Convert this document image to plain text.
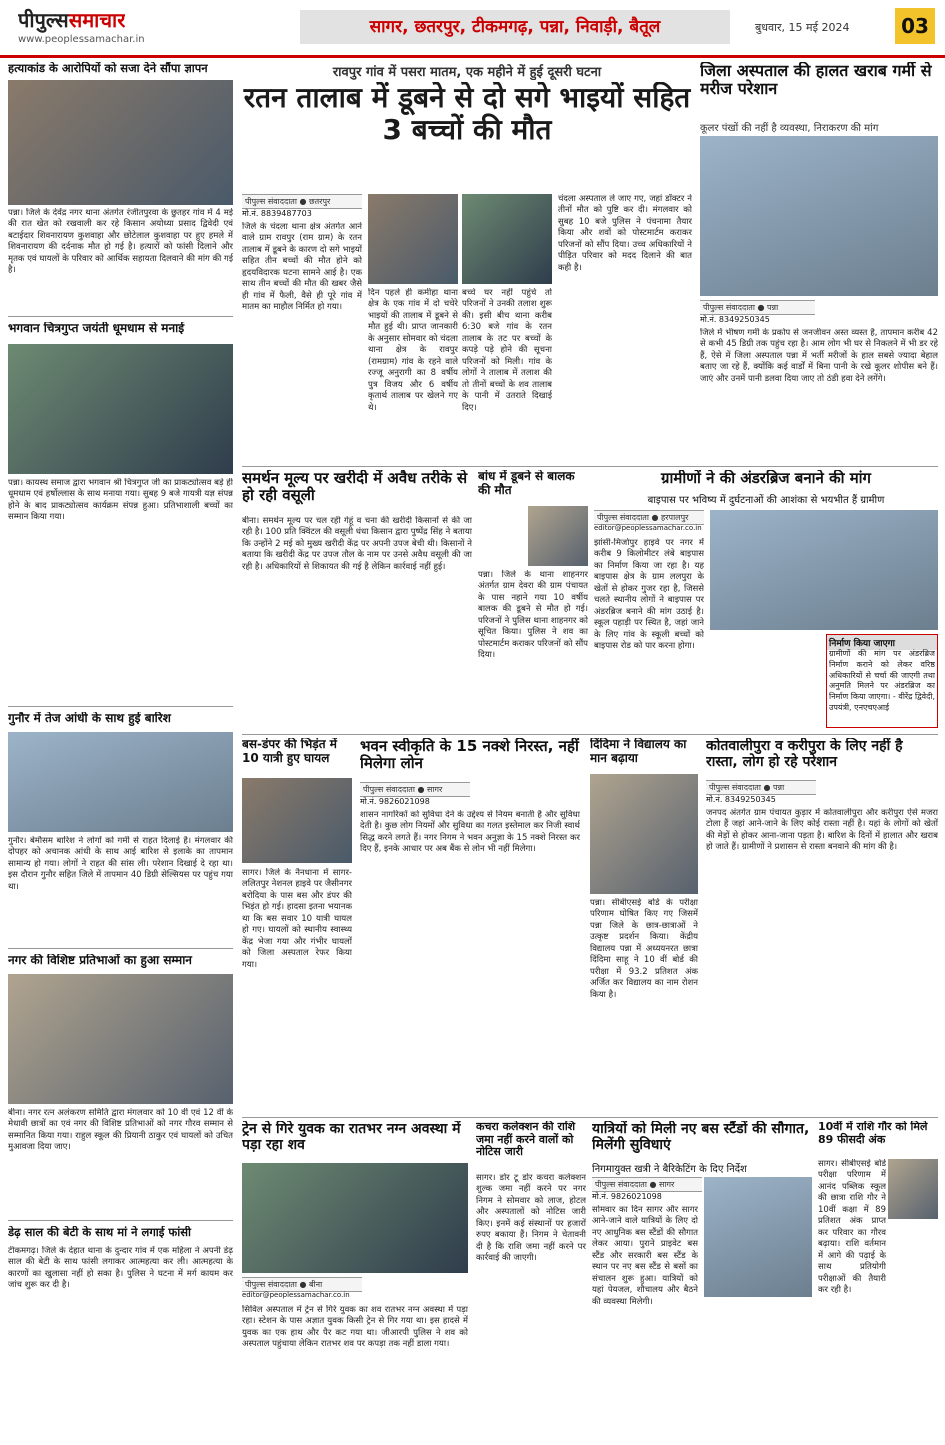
पीपुल्ससमाचार
www.peoplessamachar.in
सागर, छतरपुर, टीकमगढ़, पन्ना, निवाड़ी, बैतूल	बुधवार, 15 मई 2024	03
हत्याकांड के आरोपियों को सजा देने सौंपा ज्ञापन
पन्ना। जिले के देवेंद्र नगर थाना अंतर्गत रंजीतपुरवा के छुतहर गांव में 4 मई की रात खेत को रखवाली कर रहे किसान अयोध्या प्रसाद द्विवेदी एवं बटाईदार शिवनारायण कुशवाहा और छोटेलाल कुशवाहा पर हुए हमले में शिवनारायण की दर्दनाक मौत हो गई है। हत्यारों को फांसी दिलाने और मृतक एवं घायलों के परिवार को आर्थिक सहायता दिलवाने की मांग की गई है।
भगवान चित्रगुप्त जयंती धूमधाम से मनाई
पन्ना। कायस्थ समाज द्वारा भगवान श्री चित्रगुप्त जी का प्राकट्योत्सव बड़े ही धूमधाम एवं हर्षोल्लास के साथ मनाया गया। सुबह 9 बजे गायत्री यज्ञ संपन्न होने के बाद प्राकट्योत्सव कार्यक्रम संपन्न हुआ। प्रतिभाशाली बच्चों का सम्मान किया गया।
गुनौर में तेज आंधी के साथ हुई बारिश
गुनौर। बेमौसम बारिश ने लोगों को गर्मी से राहत दिलाई है। मंगलवार की दोपहर को अचानक आंधी के साथ आई बारिश से इलाके का तापमान सामान्य हो गया। लोगों ने राहत की सांस ली। परेशान दिखाई दे रहा था। इस दौरान गुनौर सहित जिले में तापमान 40 डिग्री सेल्सियस पर पहुंच गया था।
नगर की विशिष्ट प्रतिभाओं का हुआ सम्मान
बीना। नगर रत्न अलंकरण समिति द्वारा मंगलवार को 10 वीं एवं 12 वीं के मेधावी छात्रों का एवं नगर की विशिष्ट प्रतिभाओं को नगर गौरव सम्मान से सम्मानित किया गया। राहुल स्कूल की प्रियानी ठाकुर एवं घायलों को उचित मुआवजा दिया जाए।
डेढ़ साल की बेटी के साथ मां ने लगाई फांसी
टीकमगढ़। जिले के देहात थाना के दुन्दार गांव में एक महिला ने अपनी डेढ़ साल की बेटी के साथ फांसी लगाकर आत्महत्या कर ली। आत्महत्या के कारणों का खुलासा नहीं हो सका है। पुलिस ने घटना में मर्ग कायम कर जांच शुरू कर दी है।
रावपुर गांव में पसरा मातम, एक महीने में हुई दूसरी घटना
रतन तालाब में डूबने से दो सगे भाइयों सहित 3 बच्चों की मौत
पीपुल्स संवाददाता ● छतरपुर
मो.नं. 8839487703
जिले के चंदला थाना क्षेत्र अंतर्गत आने वाले ग्राम रावपुर (राम ग्राम) के रतन तालाब में डूबने के कारण दो सगे भाइयों सहित तीन बच्चों की मौत होने को हृदयविदारक घटना सामने आई है। एक साथ तीन बच्चों की मौत की खबर जैसे ही गांव में फैली, वैसे ही पूरे गांव में मातम का माहौल निर्मित हो गया।
दिन पहले ही कमीहा थाना क्षेत्र के एक गांव में दो चचेरे भाइयों की तालाब में डूबने से मौत हुई थी। प्राप्त जानकारी के अनुसार सोमवार को चंदला थाना क्षेत्र के रावपुर (रामग्राम) गांव के रहने वाले रज्जू अनुरागी का 8 वर्षीय पुत्र विजय और 6 वर्षीय कृतार्थ तालाब पर खेलने गए थे।
बच्चे घर नहीं पहुंचे तो परिजनों ने उनकी तलाश शुरू की। इसी बीच थाना करीब 6:30 बजे गांव के रतन तालाब के तट पर बच्चों के कपड़े पड़े होने की सूचना परिजनों को मिली। गांव के लोगों ने तालाब में तलाश की तो तीनों बच्चों के शव तालाब के पानी में उतराते दिखाई दिए।
चंदला अस्पताल ले जाए गए, जहां डॉक्टर ने तीनों मौत को पुष्टि कर दी। मंगलवार को सुबह 10 बजे पुलिस ने पंचनामा तैयार किया और शवों को पोस्टमार्टम कराकर परिजनों को सौंप दिया। उच्च अधिकारियों ने पीड़ित परिवार को मदद दिलाने की बात कही है।
जिला अस्पताल की हालत खराब गर्मी से मरीज परेशान
कूलर पंखों की नहीं है व्यवस्था, निराकरण की मांग
पीपुल्स संवाददाता ● पन्ना
मो.नं. 8349250345
जिले में भीषण गर्मी के प्रकोप से जनजीवन अस्त व्यस्त है, तापमान करीब 42 से कभी 45 डिग्री तक पहुंच रहा है। आम लोग भी घर से निकलने में भी डर रहे हैं, ऐसे में जिला अस्पताल पन्ना में भर्ती मरीजों के हाल सबसे ज्यादा बेहाल बताए जा रहे हैं, क्योंकि कई वार्डों में बिना पानी के रखे कूलर शोपीस बने हैं। जाएं और उनमें पानी डलवा दिया जाए तो ठंडी हवा देने लगेंगे।
समर्थन मूल्य पर खरीदी में अवैध तरीके से हो रही वसूली
बीना। समर्थन मूल्य पर चल रही गेहूं व चना की खरीदी किसानों से की जा रही है। 100 प्रति क्विंटल की वसूली धंधा किसान द्वारा पुष्पेंद्र सिंह ने बताया कि उन्होंने 2 मई को मुख्य खरीदी केंद्र पर अपनी उपज बेची थी। किसानों ने बताया कि खरीदी केंद्र पर उपज तौल के नाम पर उनसे अवैध वसूली की जा रही है। अधिकारियों से शिकायत की गई है लेकिन कार्रवाई नहीं हुई।
बांध में डूबने से बालक की मौत
पन्ना। जिले के थाना शाहनगर अंतर्गत ग्राम देवरा की ग्राम पंचायत के पास नहाने गया 10 वर्षीय बालक की डूबने से मौत हो गई। परिजनों ने पुलिस थाना शाहनगर को सूचित किया। पुलिस ने शव का पोस्टमार्टम कराकर परिजनों को सौंप दिया।
ग्रामीणों ने की अंडरब्रिज बनाने की मांग
बाइपास पर भविष्य में दुर्घटनाओं की आशंका से भयभीत हैं ग्रामीण
पीपुल्स संवाददाता ● हरपालपुर
editor@peoplessamachar.co.in
झांसी-मिर्जापुर हाइवे पर नगर में करीब 9 किलोमीटर लंबे बाइपास का निर्माण किया जा रहा है। यह बाइपास क्षेत्र के ग्राम ललपुरा के खेतों से होकर गुजर रहा है, जिससे चलते स्थानीय लोगों ने बाइपास पर अंडरब्रिज बनाने की मांग उठाई है। स्कूल पहाड़ी पर स्थित है, जहां जाने के लिए गांव के स्कूली बच्चों को बाइपास रोड को पार करना होगा।	निर्माण किया जाएगा
ग्रामीणों की मांग पर अंडरब्रिज निर्माण कराने को लेकर वरिष्ठ अधिकारियों से चर्चा की जाएगी तथा अनुमति मिलने पर अंडरब्रिज का निर्माण किया जाएगा। - वीरेंद्र द्विवेदी, उपयंत्री, एनएचएआई
बस-डंपर की भिड़ंत में 10 यात्री हुए घायल
सागर। जिले के नैनधाना में सागर-ललितपुर नेशनल हाइवे पर जैसीनगर बरोदिया के पास बस और डंपर की भिड़ंत हो गई। हादसा इतना भयानक था कि बस सवार 10 यात्री घायल हो गए। घायलों को स्थानीय स्वास्थ्य केंद्र भेजा गया और गंभीर घायलों को जिला अस्पताल रेफर किया गया।
भवन स्वीकृति के 15 नक्शे निरस्त, नहीं मिलेगा लोन
पीपुल्स संवाददाता ● सागर
मो.नं. 9826021098
शासन नागरिकों को सुविधा देने के उद्देश्य से नियम बनाती है और सुविधा देती है। कुछ लोग नियमों और सुविधा का गलत इस्तेमाल कर निजी स्वार्थ सिद्ध करने लगते हैं। नगर निगम ने भवन अनुज्ञा के 15 नक्शे निरस्त कर दिए हैं, इनके आधार पर अब बैंक से लोन भी नहीं मिलेगा।
दिंदिमा ने विद्यालय का मान बढ़ाया
पन्ना। सीबीएसई बोर्ड के परीक्षा परिणाम घोषित किए गए जिसमें पन्ना जिले के छात्र-छात्राओं ने उत्कृष्ट प्रदर्शन किया। केंद्रीय विद्यालय पन्ना में अध्ययनरत छात्रा दिंदिमा साहू ने 10 वीं बोर्ड की परीक्षा में 93.2 प्रतिशत अंक अर्जित कर विद्यालय का नाम रोशन किया है।
कोतवालीपुरा व करीपुरा के लिए नहीं है रास्ता, लोग हो रहे परेशान
पीपुल्स संवाददाता ● पन्ना
मो.नं. 8349250345
जनपद अंतर्गत ग्राम पंचायत कुड़ार में कोतवालीपुरा और करीपुरा ऐसे मजरा टोला हैं जहां आने-जाने के लिए कोई रास्ता नहीं है। यहां के लोगों को खेतों की मेड़ों से होकर आना-जाना पड़ता है। बारिश के दिनों में हालात और खराब हो जाते हैं। ग्रामीणों ने प्रशासन से रास्ता बनवाने की मांग की है।
ट्रेन से गिरे युवक का रातभर नग्न अवस्था में पड़ा रहा शव
पीपुल्स संवाददाता ● बीना
editor@peoplessamachar.co.in
सिविल अस्पताल में ट्रेन से गिरे युवक का शव रातभर नग्न अवस्था में पड़ा रहा। स्टेशन के पास अज्ञात युवक किसी ट्रेन से गिर गया था। इस हादसे में युवक का एक हाथ और पैर कट गया था। जीआरपी पुलिस ने शव को अस्पताल पहुंचाया लेकिन रातभर शव पर कपड़ा तक नहीं डाला गया।
कचरा कलेक्शन की राशि जमा नहीं करने वालों को नोटिस जारी
सागर। डोर टू डोर कचरा कलेक्शन शुल्क जमा नहीं करने पर नगर निगम ने सोमवार को लाज, होटल और अस्पतालों को नोटिस जारी किए। इनमें कई संस्थानों पर हजारों रुपए बकाया हैं। निगम ने चेतावनी दी है कि राशि जमा नहीं करने पर कार्रवाई की जाएगी।
यात्रियों को मिली नए बस स्टैंडों की सौगात, मिलेंगी सुविधाएं
निगमायुक्त खत्री ने बैरिकेटिंग के दिए निर्देश
पीपुल्स संवाददाता ● सागर
मो.नं. 9826021098
सोमवार का दिन सागर और सागर आने-जाने वाले यात्रियों के लिए दो नए आधुनिक बस स्टैंडों की सौगात लेकर आया। पुराने प्राइवेट बस स्टैंड और सरकारी बस स्टैंड के स्थान पर नए बस स्टैंड से बसों का संचालन शुरू हुआ। यात्रियों को यहां पेयजल, शौचालय और बैठने की व्यवस्था मिलेगी।
10वीं में राशि गौर को मिले 89 फीसदी अंक
सागर। सीबीएसई बोर्ड परीक्षा परिणाम में आनंद पब्लिक स्कूल की छात्रा राशि गौर ने 10वीं कक्षा में 89 प्रतिशत अंक प्राप्त कर परिवार का गौरव बढ़ाया। राशि वर्तमान में आगे की पढ़ाई के साथ प्रतियोगी परीक्षाओं की तैयारी कर रही है।
